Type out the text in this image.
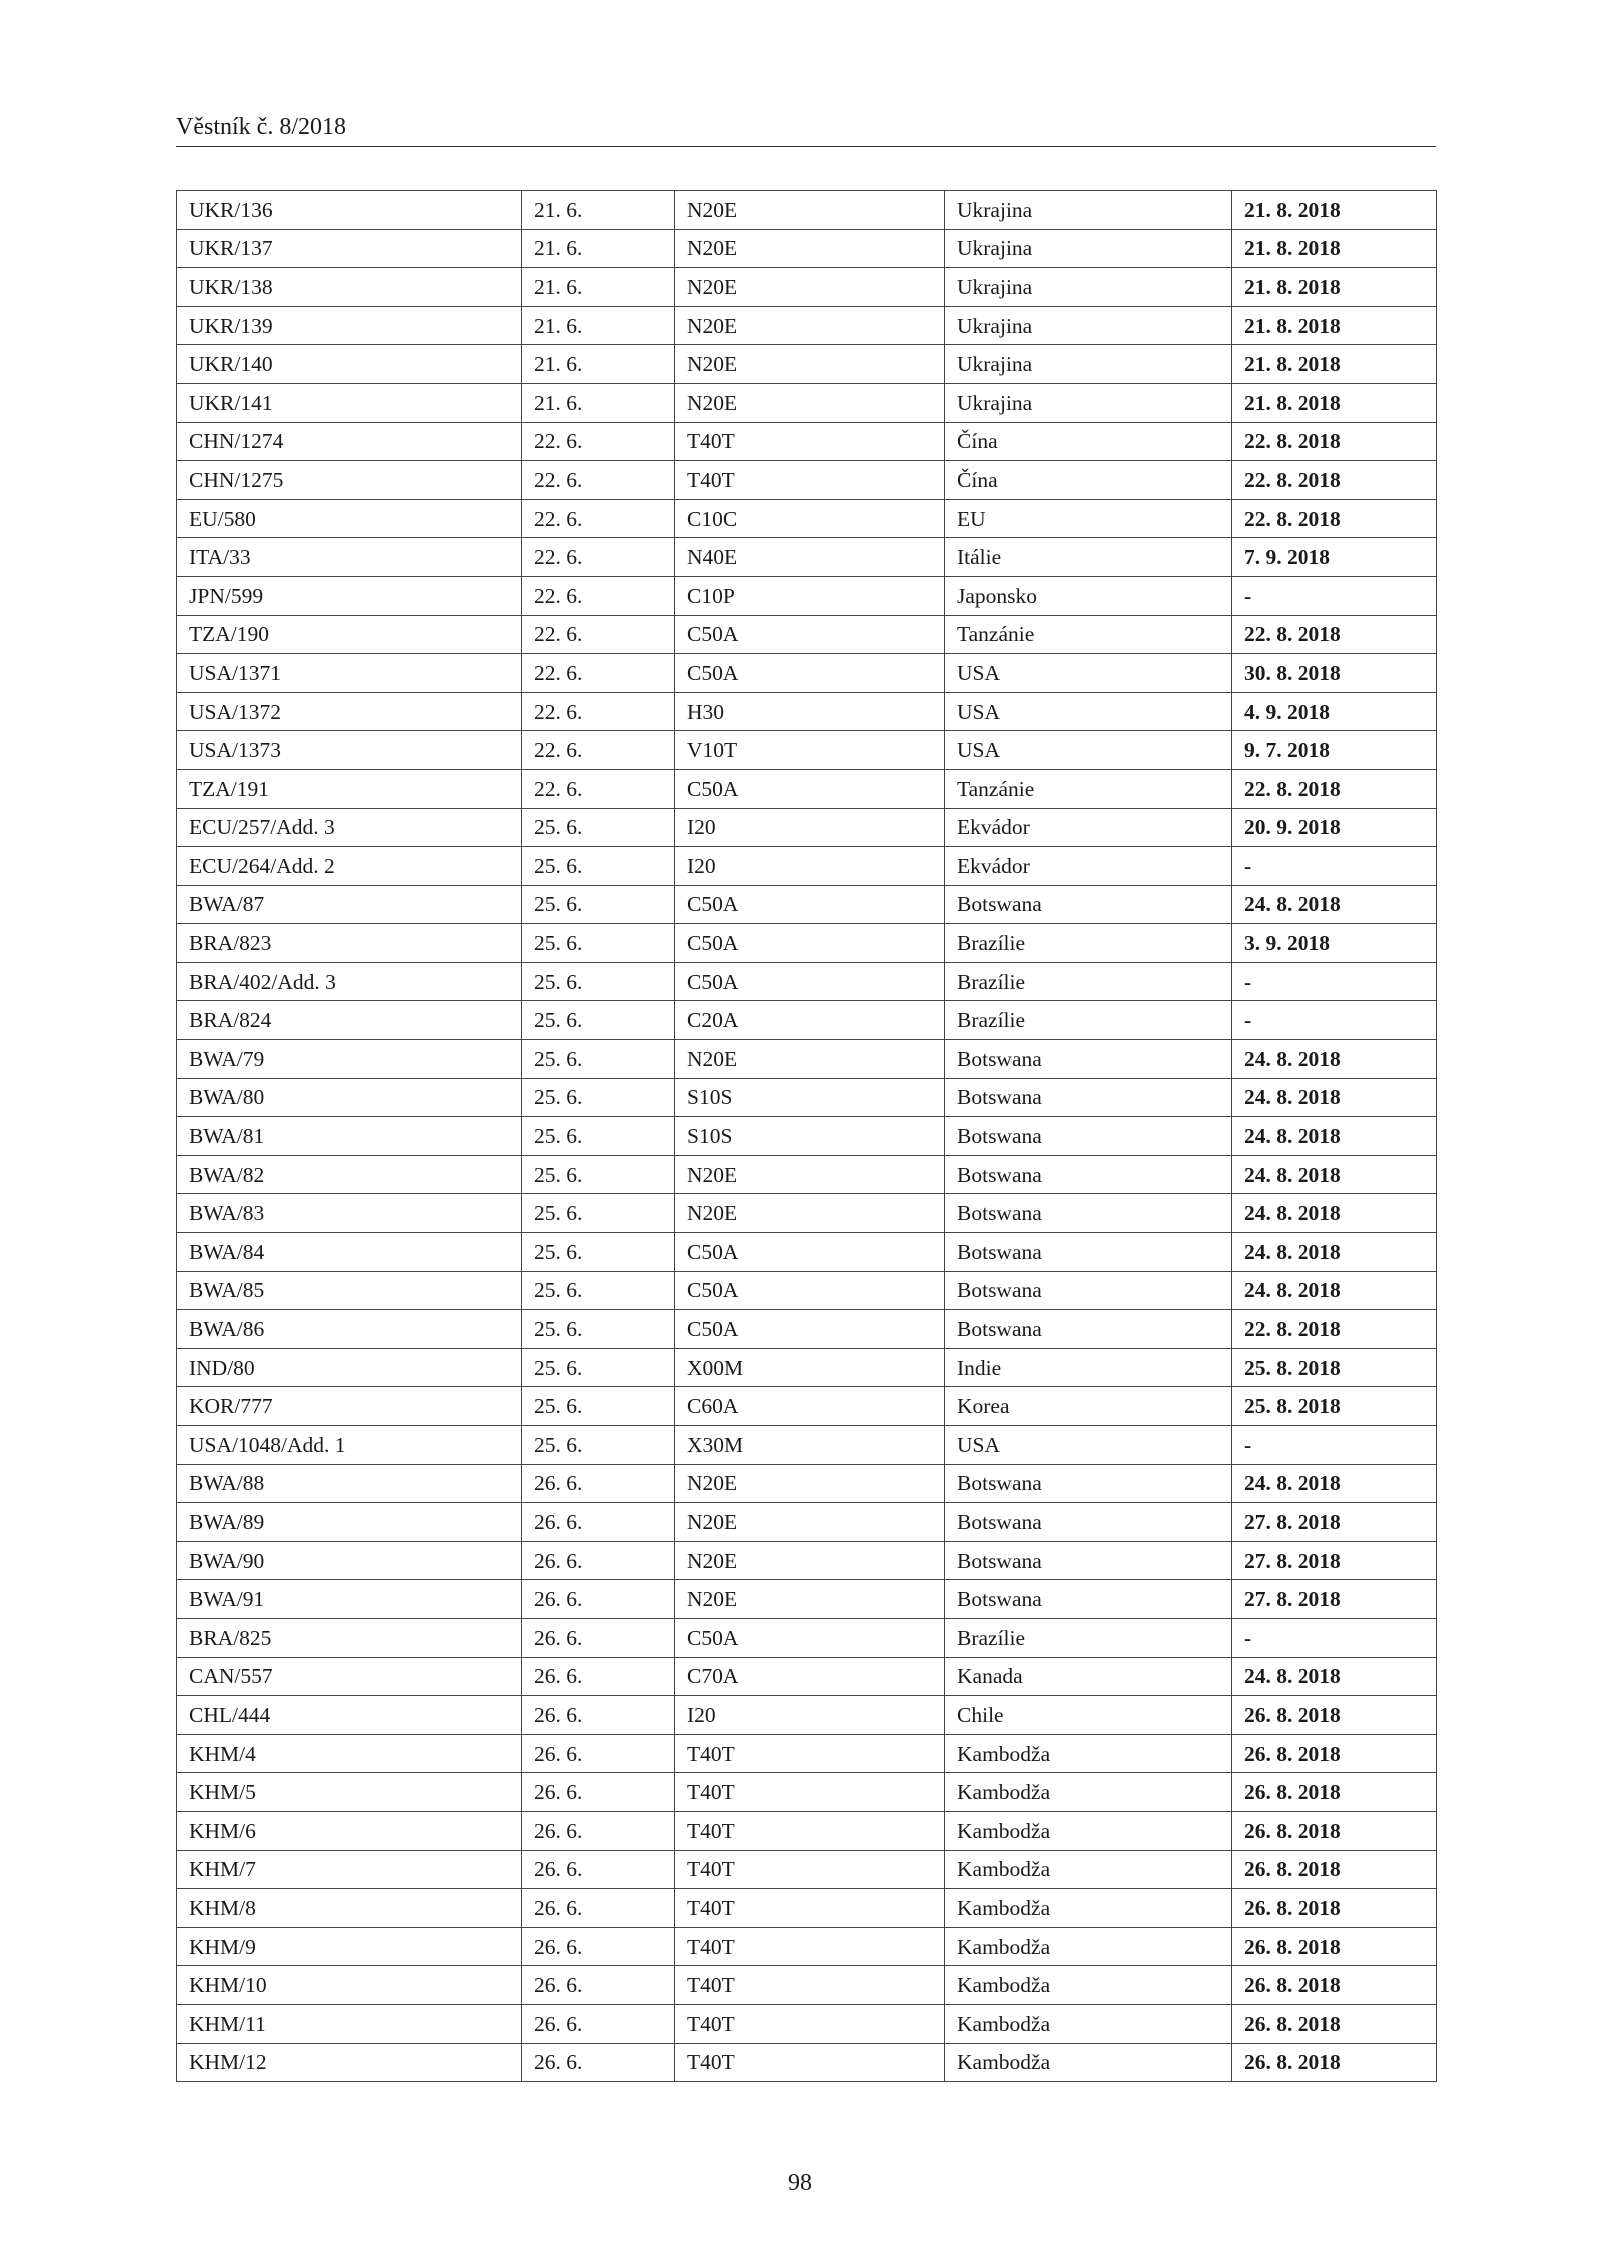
Věstník č. 8/2018
UKR/136	21. 6.	N20E	Ukrajina	21. 8. 2018
UKR/137	21. 6.	N20E	Ukrajina	21. 8. 2018
UKR/138	21. 6.	N20E	Ukrajina	21. 8. 2018
UKR/139	21. 6.	N20E	Ukrajina	21. 8. 2018
UKR/140	21. 6.	N20E	Ukrajina	21. 8. 2018
UKR/141	21. 6.	N20E	Ukrajina	21. 8. 2018
CHN/1274	22. 6.	T40T	Čína	22. 8. 2018
CHN/1275	22. 6.	T40T	Čína	22. 8. 2018
EU/580	22. 6.	C10C	EU	22. 8. 2018
ITA/33	22. 6.	N40E	Itálie	7. 9. 2018
JPN/599	22. 6.	C10P	Japonsko	-
TZA/190	22. 6.	C50A	Tanzánie	22. 8. 2018
USA/1371	22. 6.	C50A	USA	30. 8. 2018
USA/1372	22. 6.	H30	USA	4. 9. 2018
USA/1373	22. 6.	V10T	USA	9. 7. 2018
TZA/191	22. 6.	C50A	Tanzánie	22. 8. 2018
ECU/257/Add. 3	25. 6.	I20	Ekvádor	20. 9. 2018
ECU/264/Add. 2	25. 6.	I20	Ekvádor	-
BWA/87	25. 6.	C50A	Botswana	24. 8. 2018
BRA/823	25. 6.	C50A	Brazílie	3. 9. 2018
BRA/402/Add. 3	25. 6.	C50A	Brazílie	-
BRA/824	25. 6.	C20A	Brazílie	-
BWA/79	25. 6.	N20E	Botswana	24. 8. 2018
BWA/80	25. 6.	S10S	Botswana	24. 8. 2018
BWA/81	25. 6.	S10S	Botswana	24. 8. 2018
BWA/82	25. 6.	N20E	Botswana	24. 8. 2018
BWA/83	25. 6.	N20E	Botswana	24. 8. 2018
BWA/84	25. 6.	C50A	Botswana	24. 8. 2018
BWA/85	25. 6.	C50A	Botswana	24. 8. 2018
BWA/86	25. 6.	C50A	Botswana	22. 8. 2018
IND/80	25. 6.	X00M	Indie	25. 8. 2018
KOR/777	25. 6.	C60A	Korea	25. 8. 2018
USA/1048/Add. 1	25. 6.	X30M	USA	-
BWA/88	26. 6.	N20E	Botswana	24. 8. 2018
BWA/89	26. 6.	N20E	Botswana	27. 8. 2018
BWA/90	26. 6.	N20E	Botswana	27. 8. 2018
BWA/91	26. 6.	N20E	Botswana	27. 8. 2018
BRA/825	26. 6.	C50A	Brazílie	-
CAN/557	26. 6.	C70A	Kanada	24. 8. 2018
CHL/444	26. 6.	I20	Chile	26. 8. 2018
KHM/4	26. 6.	T40T	Kambodža	26. 8. 2018
KHM/5	26. 6.	T40T	Kambodža	26. 8. 2018
KHM/6	26. 6.	T40T	Kambodža	26. 8. 2018
KHM/7	26. 6.	T40T	Kambodža	26. 8. 2018
KHM/8	26. 6.	T40T	Kambodža	26. 8. 2018
KHM/9	26. 6.	T40T	Kambodža	26. 8. 2018
KHM/10	26. 6.	T40T	Kambodža	26. 8. 2018
KHM/11	26. 6.	T40T	Kambodža	26. 8. 2018
KHM/12	26. 6.	T40T	Kambodža	26. 8. 2018
98
